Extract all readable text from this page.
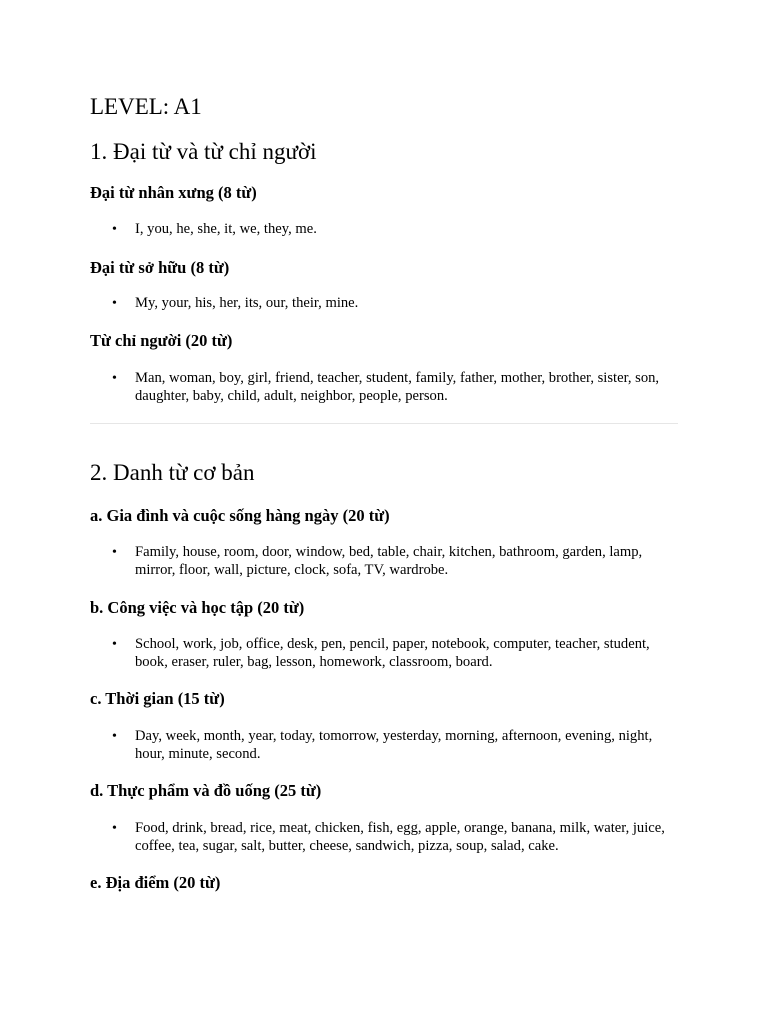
LEVEL: A1
1. Đại từ và từ chỉ người
Đại từ nhân xưng (8 từ)
• I, you, he, she, it, we, they, me.
Đại từ sở hữu (8 từ)
• My, your, his, her, its, our, their, mine.
Từ chỉ người (20 từ)
• Man, woman, boy, girl, friend, teacher, student, family, father, mother, brother, sister, son, daughter, baby, child, adult, neighbor, people, person.
2. Danh từ cơ bản
a. Gia đình và cuộc sống hàng ngày (20 từ)
• Family, house, room, door, window, bed, table, chair, kitchen, bathroom, garden, lamp, mirror, floor, wall, picture, clock, sofa, TV, wardrobe.
b. Công việc và học tập (20 từ)
• School, work, job, office, desk, pen, pencil, paper, notebook, computer, teacher, student, book, eraser, ruler, bag, lesson, homework, classroom, board.
c. Thời gian (15 từ)
• Day, week, month, year, today, tomorrow, yesterday, morning, afternoon, evening, night, hour, minute, second.
d. Thực phẩm và đồ uống (25 từ)
• Food, drink, bread, rice, meat, chicken, fish, egg, apple, orange, banana, milk, water, juice, coffee, tea, sugar, salt, butter, cheese, sandwich, pizza, soup, salad, cake.
e. Địa điểm (20 từ)
